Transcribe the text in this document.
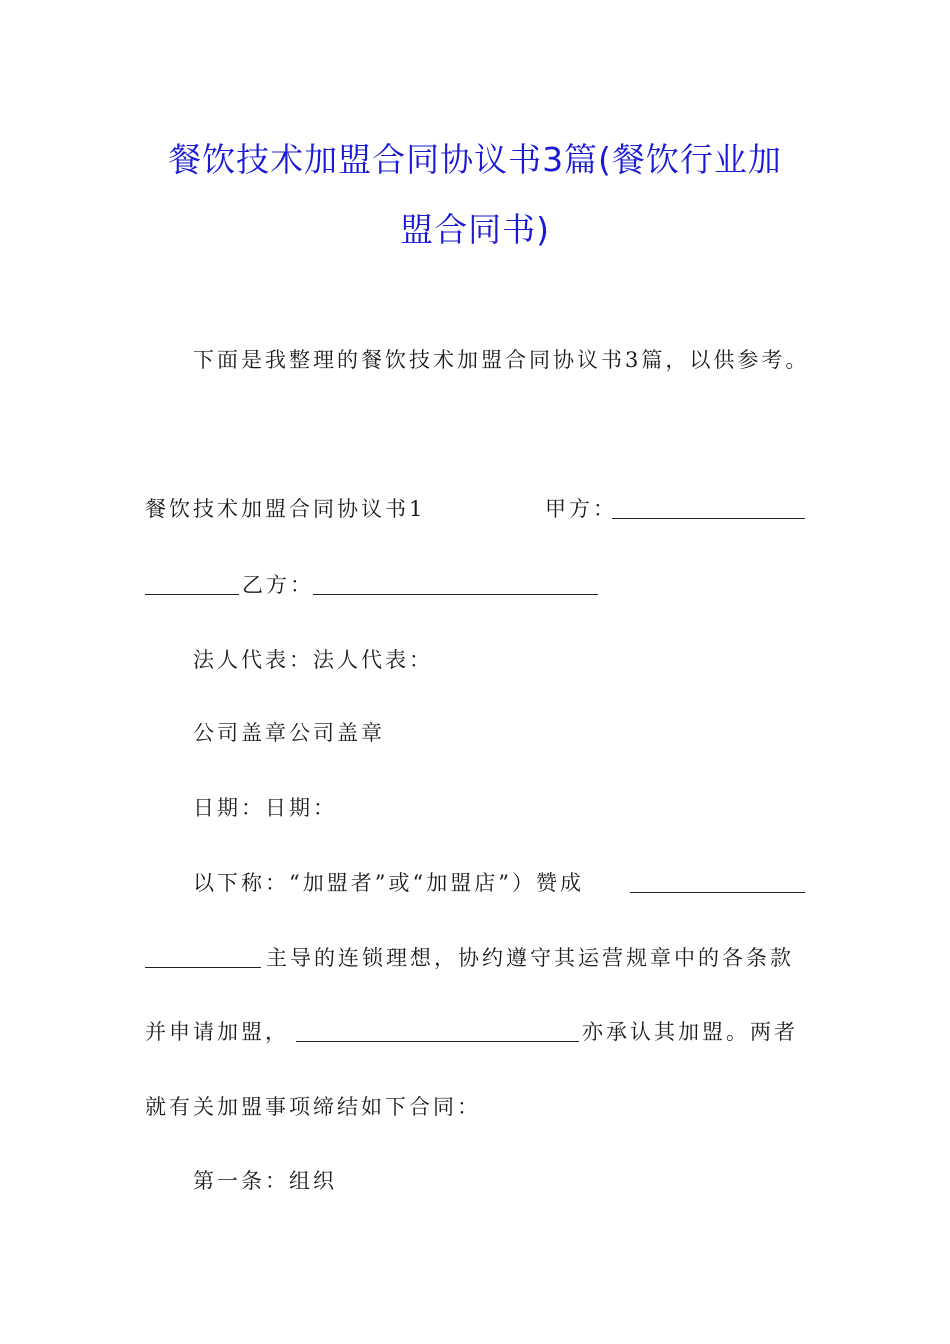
餐饮技术加盟合同协议书3篇(餐饮行业加
盟合同书)
下面是我整理的餐饮技术加盟合同协议书3篇，以供参考。
餐饮技术加盟合同协议书1	甲方：
乙方：
法人代表：法人代表：
公司盖章公司盖章
日期：日期：
以下称：“加盟者”或“加盟店”）赞成
主导的连锁理想，协约遵守其运营规章中的各条款
并申请加盟，	亦承认其加盟。两者
就有关加盟事项缔结如下合同：
第一条：组织
